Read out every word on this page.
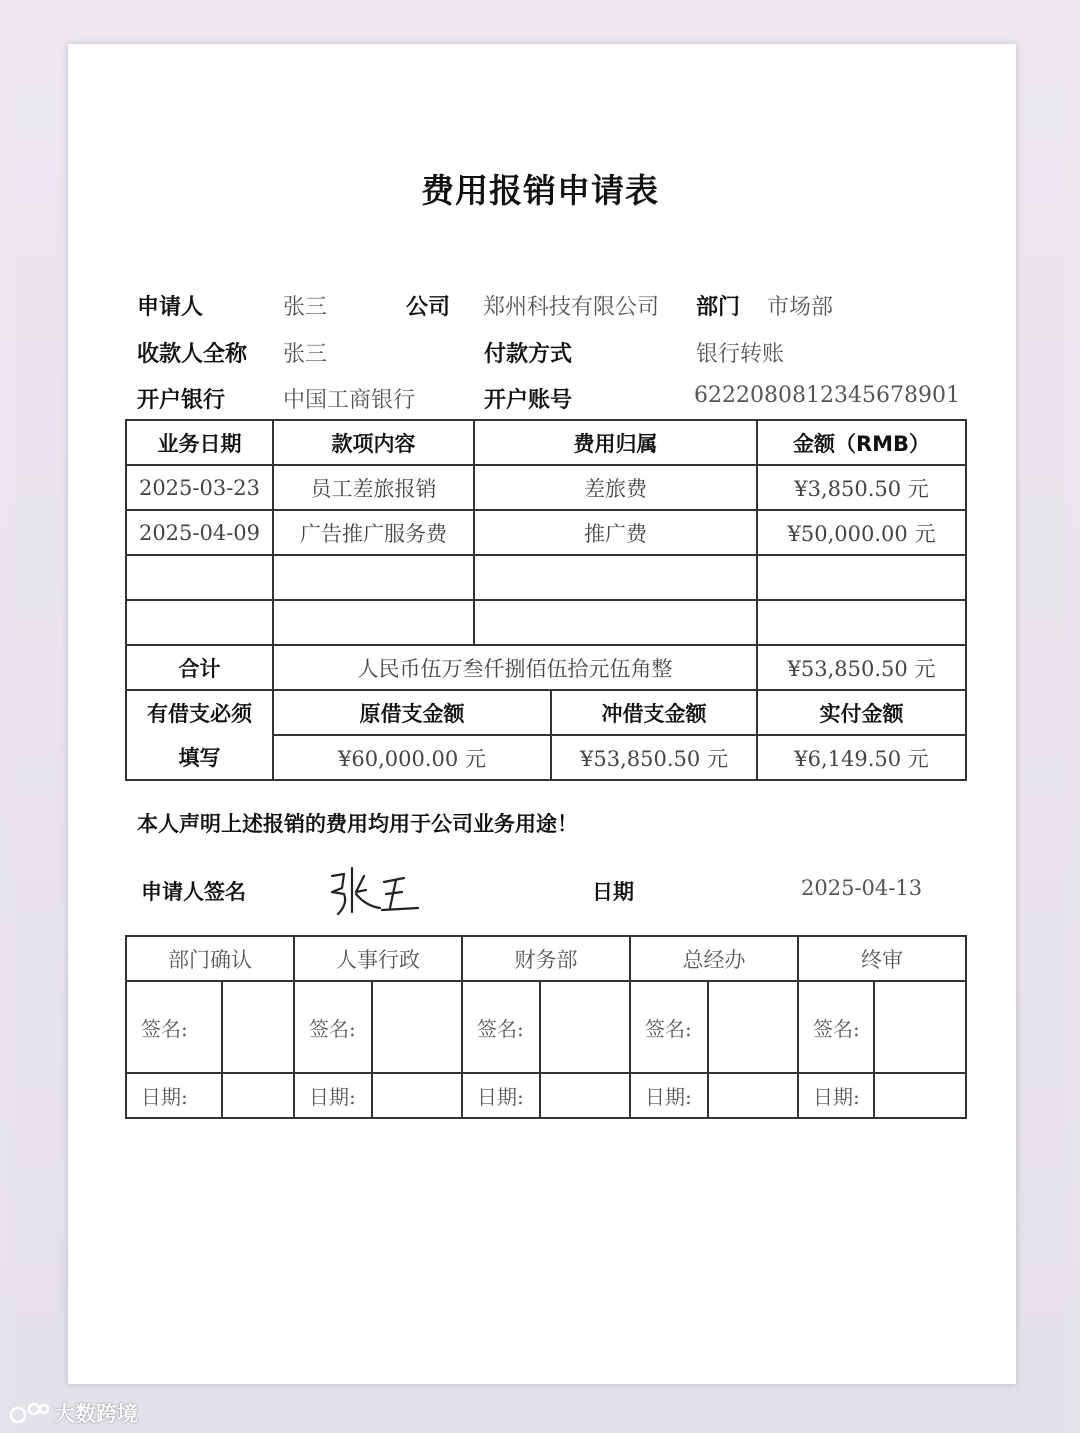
费用报销申请表
申请人	张三	公司 郑州科技有限公司 部门 市场部
收款人全称 张三	付款方式	银行转账
开户银行	中国工商银行	开户账号	6222080812345678901
业务日期	款项内容	费用归属		金额（RMB）
2025-03-23	员工差旅报销	差旅费		¥3,850.50 元
2025-04-09	广告推广服务费	推广费		¥50,000.00 元

合计	人民币伍万叁仟捌佰伍拾元伍角整			¥53,850.50 元
有借支必须	原借支金额		冲借支金额	实付金额
填写	¥60,000.00 元		¥53,850.50 元	¥6,149.50 元
本人声明上述报销的费用均用于公司业务用途！
申请人签名	日期	2025-04-13
部门确认		人事行政		财务部		总经办		终审	
签名:		签名:		签名:		签名:		签名:	
日期:		日期:		日期:		日期:		日期:	
大数跨境
